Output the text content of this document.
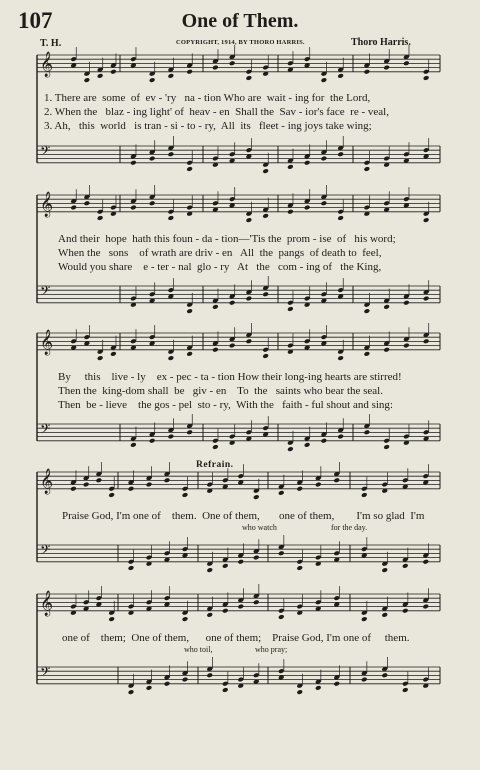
107	One of Them.
T. H.	COPYRIGHT, 1914, BY THORO HARRIS.	Thoro Harris.
𝄞
𝄢
𝄞
𝄢
𝄞
𝄢
𝄞
𝄢
𝄞
𝄢
1. There are  some  of  ev - 'ry   na - tion Who are  wait - ing for  the Lord,
2. When the   blaz - ing light' of  heav - en  Shall the  Sav - ior's face  re - veal,
3. Ah,   this  world   is tran - si - to - ry,  All  its   fleet - ing joys take wing;
And their  hope  hath this foun - da - tion—'Tis the  prom - ise  of   his word;
When the   sons    of wrath are driv - en   All  the  pangs  of death to  feel,
Would you share    e - ter - nal  glo - ry   At   the   com - ing of   the King,
By     this    live - ly    ex - pec - ta - tion How their long-ing hearts are stirred!
Then the  king-dom shall  be   giv - en    To  the   saints who bear the seal.
Then  be - lieve    the gos - pel  sto - ry,  With the   faith - ful shout and sing:
Refrain.
Praise God, I'm one of    them.  One of them,       one of them,        I'm so glad  I'm
who watch	for the day.
one of    them;  One of them,      one of them;    Praise God, I'm one of     them.
who toil,	who pray;
